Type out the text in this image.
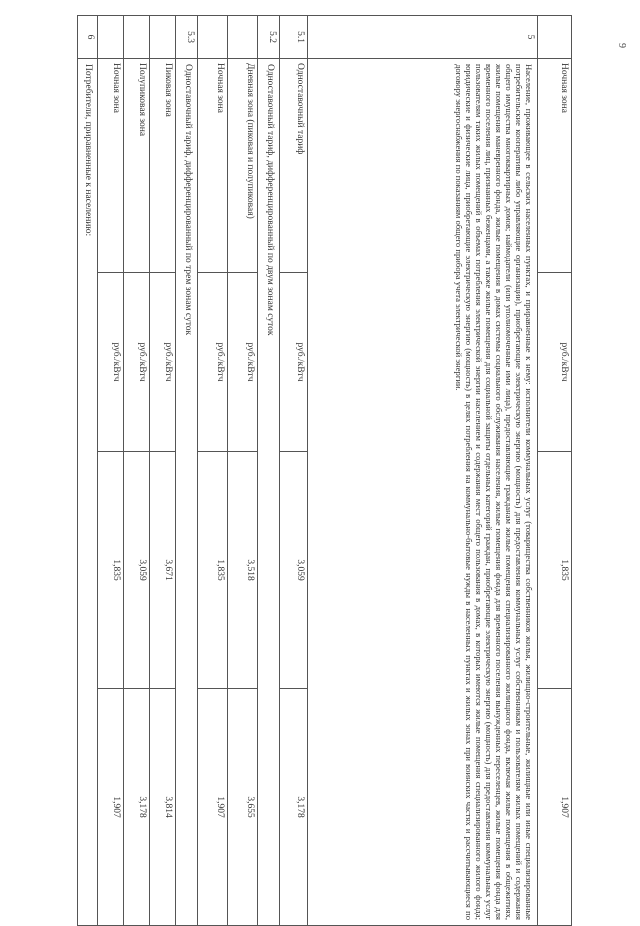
9
	Ночная зона	руб./кВтч	1,835	1,907
5	Население, проживающее в сельских населенных пунктах, и приравненные к нему: исполнители коммунальных услуг (товарищества собственников жилья, жилищно-строительные, жилищные или иные специализированные потребительские кооперативы либо управляющие организации), приобретающие электрическую энергию (мощность) для предоставления коммунальных услуг собственникам и пользователям жилых помещений и содержания общего имущества многоквартирных домов; наймодатели (или уполномоченные ими лица), предоставляющие гражданам жилые помещения специализированного жилищного фонда, включая жилые помещения в общежитиях, жилые помещения маневренного фонда, жилые помещения в домах системы социального обслуживания населения, жилые помещения фонда для временного поселения вынужденных переселенцев, жилые помещения фонда для временного поселения лиц, признанных беженцами, а также жилые помещения для социальной защиты отдельных категорий граждан, приобретающие электрическую энергию (мощность) для предоставления коммунальных услуг пользователям таких жилых помещений в объемах потребления электрической энергии населением и содержания мест общего пользования в домах, в которых имеются жилые помещения специализированного жилого фонда; юридические и физические лица, приобретающие электрическую энергию (мощность) в целях потребления на коммунально-бытовые нужды в населенных пунктах и жилых зонах при воинских частях и рассчитывающиеся по договору энергоснабжения по показаниям общего прибора учета электрической энергии.			
5.1	Одноставочный тариф	руб./кВтч	3,059	3,178
5.2	Одноставочный тариф, дифференцированный по двум зонам суток			
	Дневная зона (пиковая и полупиковая)	руб./кВтч	3,518	3,655
	Ночная зона	руб./кВтч	1,835	1,907
5.3	Одноставочный тариф, дифференцированный по трем зонам суток			
	Пиковая зона	руб./кВтч	3,671	3,814
	Полупиковая зона	руб./кВтч	3,059	3,178
	Ночная зона	руб./кВтч	1,835	1,907
6	Потребители, приравненные к населению:			
